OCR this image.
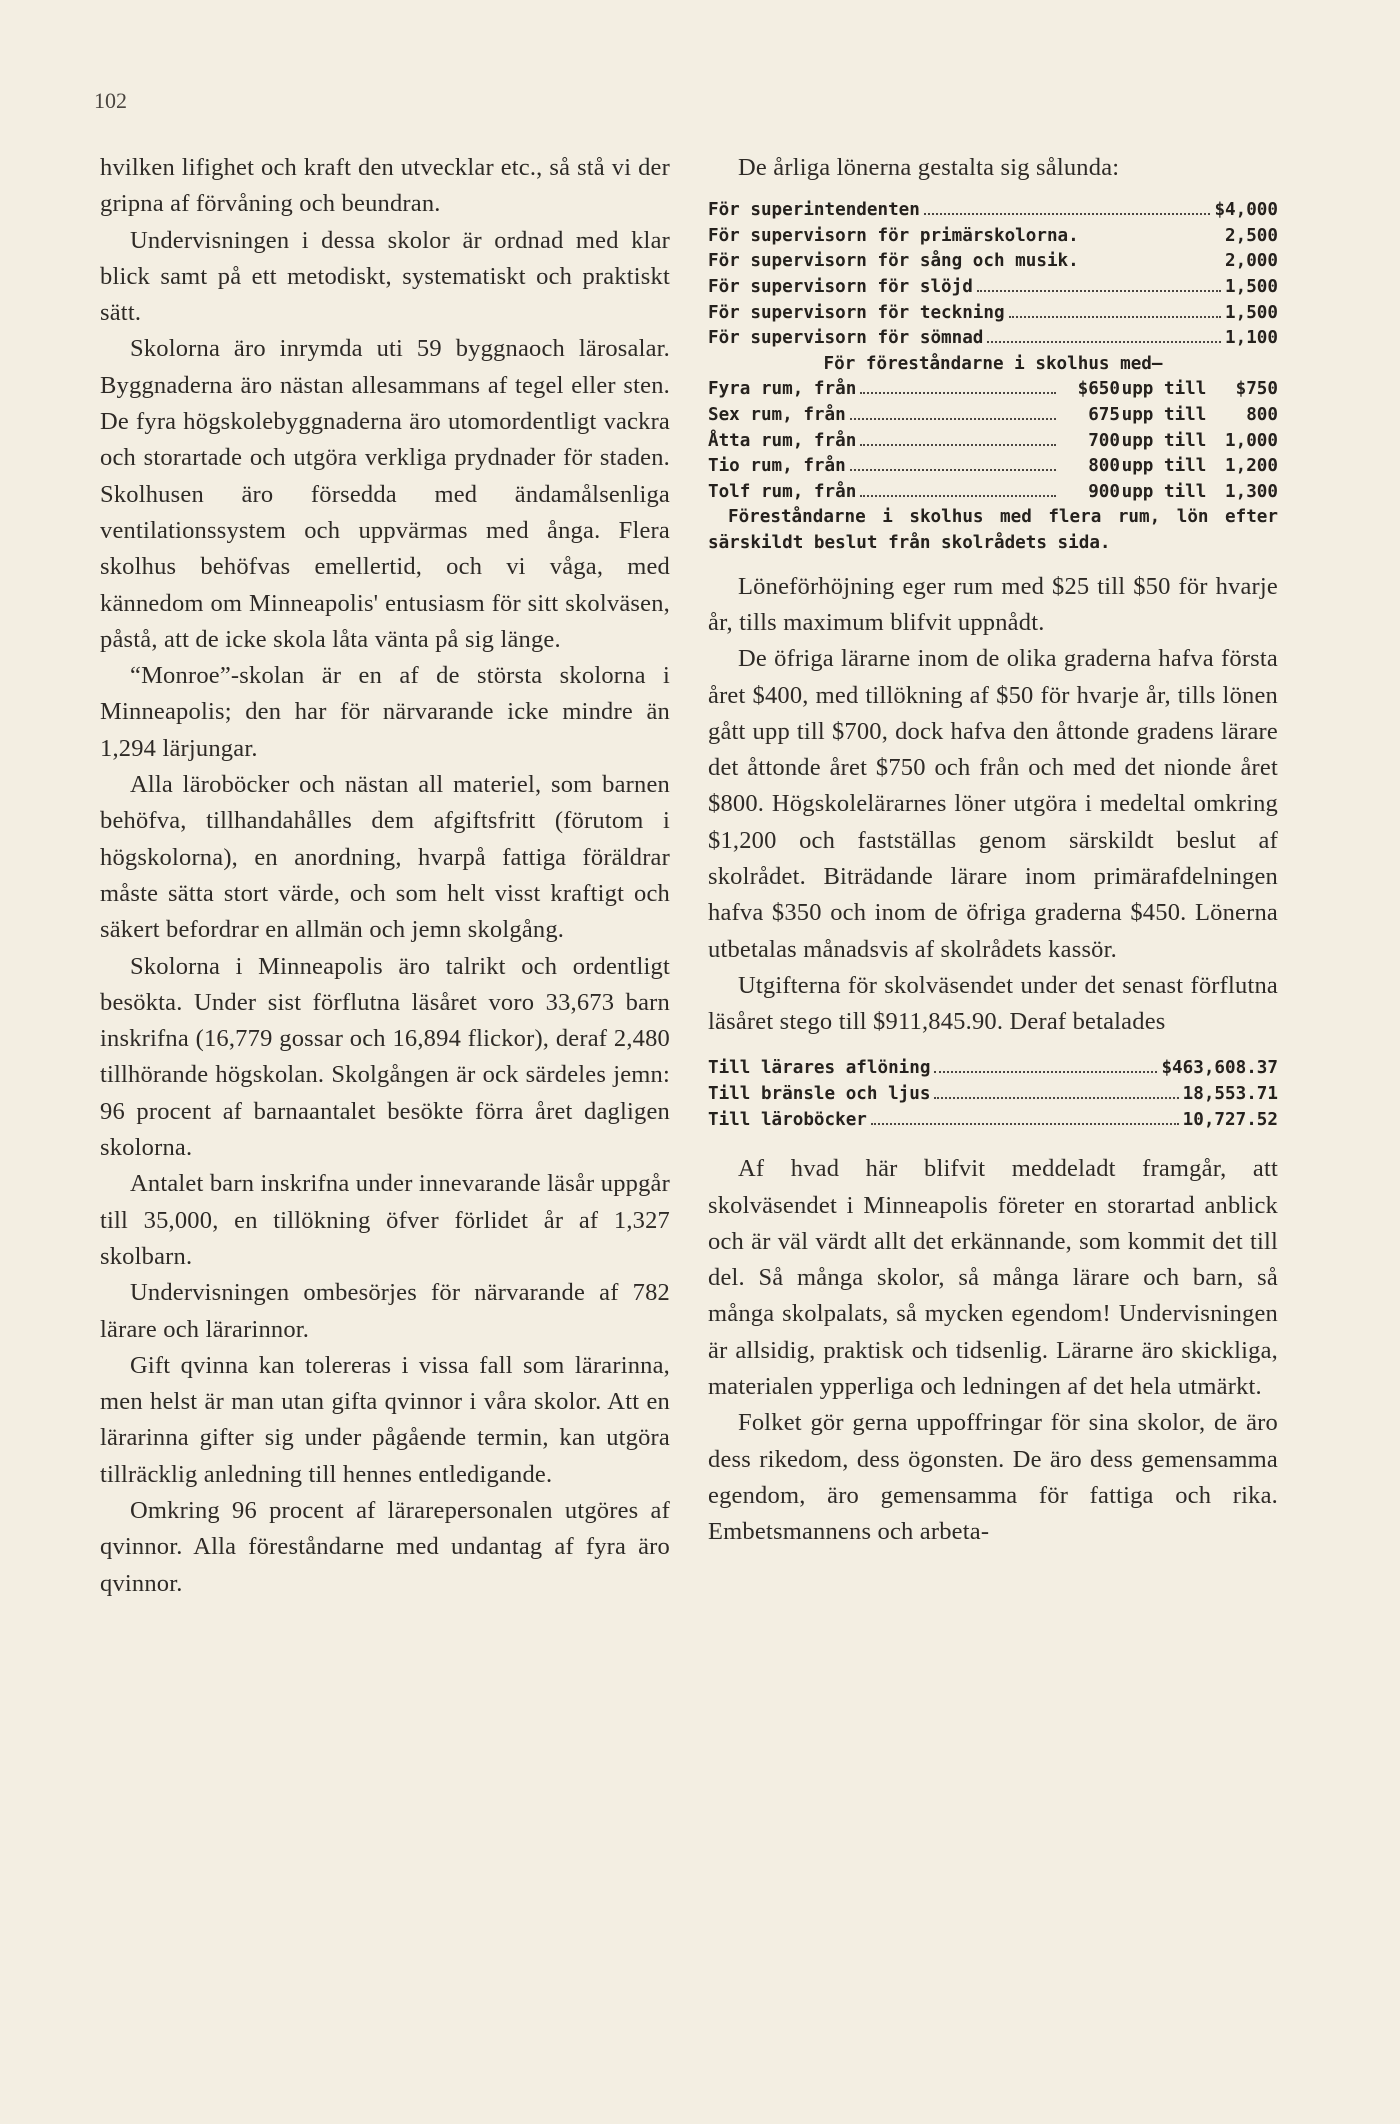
102

hvilken lifighet och kraft den utvecklar etc., så stå vi der gripna af förvåning och beundran.

Undervisningen i dessa skolor är ordnad med klar blick samt på ett metodiskt, systematiskt och praktiskt sätt.

Skolorna äro inrymda uti 59 byggnaoch lärosalar. Byggnaderna äro nästan allesammans af tegel eller sten. De fyra högskolebyggnaderna äro utomordentligt vackra och storartade och utgöra verkliga prydnader för staden. Skolhusen äro försedda med ändamålsenliga ventilationssystem och uppvärmas med ånga. Flera skolhus behöfvas emellertid, och vi våga, med kännedom om Minneapolis' entusiasm för sitt skolväsen, påstå, att de icke skola låta vänta på sig länge.

“Monroe”-skolan är en af de största skolorna i Minneapolis; den har för närvarande icke mindre än 1,294 lärjungar.

Alla läroböcker och nästan all materiel, som barnen behöfva, tillhandahålles dem afgiftsfritt (förutom i högskolorna), en anordning, hvarpå fattiga föräldrar måste sätta stort värde, och som helt visst kraftigt och säkert befordrar en allmän och jemn skolgång.

Skolorna i Minneapolis äro talrikt och ordentligt besökta. Under sist förflutna läsåret voro 33,673 barn inskrifna (16,779 gossar och 16,894 flickor), deraf 2,480 tillhörande högskolan. Skolgången är ock särdeles jemn: 96 procent af barnaantalet besökte förra året dagligen skolorna.

Antalet barn inskrifna under innevarande läsår uppgår till 35,000, en tillökning öfver förlidet år af 1,327 skolbarn.

Undervisningen ombesörjes för närvarande af 782 lärare och lärarinnor.

Gift qvinna kan tolereras i vissa fall som lärarinna, men helst är man utan gifta qvinnor i våra skolor. Att en lärarinna gifter sig under pågående termin, kan utgöra tillräcklig anledning till hennes entledigande.

Omkring 96 procent af lärarepersonalen utgöres af qvinnor. Alla föreståndarne med undantag af fyra äro qvinnor.

De årliga lönerna gestalta sig sålunda:

För superintendenten	$4,000
För supervisorn för primärskolorna.	2,500
För supervisorn för sång och musik.	2,000
För supervisorn för slöjd	1,500
För supervisorn för teckning	1,500
För supervisorn för sömnad	1,100
För föreståndarne i skolhus med—
Fyra rum, från	$650 upp till	$750
Sex rum, från	675 upp till	800
Åtta rum, från	700 upp till	1,000
Tio rum, från	800 upp till	1,200
Tolf rum, från	900 upp till	1,300
Föreståndarne i skolhus med flera rum, lön efter särskildt beslut från skolrådets sida.

Löneförhöjning eger rum med $25 till $50 för hvarje år, tills maximum blifvit uppnådt.

De öfriga lärarne inom de olika graderna hafva första året $400, med tillökning af $50 för hvarje år, tills lönen gått upp till $700, dock hafva den åttonde gradens lärare det åttonde året $750 och från och med det nionde året $800. Högskolelärarnes löner utgöra i medeltal omkring $1,200 och fastställas genom särskildt beslut af skolrådet. Biträdande lärare inom primärafdelningen hafva $350 och inom de öfriga graderna $450. Lönerna utbetalas månadsvis af skolrådets kassör.

Utgifterna för skolväsendet under det senast förflutna läsåret stego till $911,845.90. Deraf betalades

Till lärares aflöning	$463,608.37
Till bränsle och ljus	18,553.71
Till läroböcker	10,727.52

Af hvad här blifvit meddeladt framgår, att skolväsendet i Minneapolis företer en storartad anblick och är väl värdt allt det erkännande, som kommit det till del. Så många skolor, så många lärare och barn, så många skolpalats, så mycken egendom! Undervisningen är allsidig, praktisk och tidsenlig. Lärarne äro skickliga, materialen ypperliga och ledningen af det hela utmärkt.

Folket gör gerna uppoffringar för sina skolor, de äro dess rikedom, dess ögonsten. De äro dess gemensamma egendom, äro gemensamma för fattiga och rika. Embetsmannens och arbeta-
